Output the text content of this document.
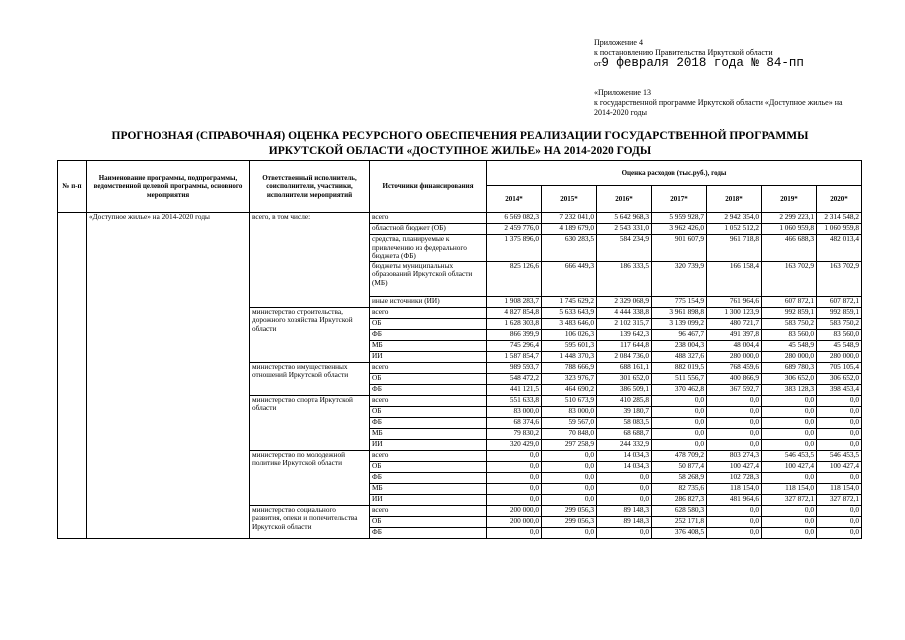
Приложение 4
к постановлению Правительства Иркутской области
от9 февраля 2018 года № 84-пп
«Приложение 13
к государственной программе Иркутской области «Доступное жилье» на 2014-2020 годы
ПРОГНОЗНАЯ (СПРАВОЧНАЯ) ОЦЕНКА РЕСУРСНОГО ОБЕСПЕЧЕНИЯ РЕАЛИЗАЦИИ ГОСУДАРСТВЕННОЙ ПРОГРАММЫ
ИРКУТСКОЙ ОБЛАСТИ «ДОСТУПНОЕ ЖИЛЬЕ» НА 2014-2020 ГОДЫ
№ п-п	Наименование программы, подпрограммы, ведомственной целевой программы, основного мероприятия	Ответственный исполнитель, соисполнители, участники, исполнители мероприятий	Источники финансирования	Оценка расходов (тыс.руб.), годы						
				2014*	2015*	2016*	2017*	2018*	2019*	2020*
	«Доступное жилье» на 2014-2020 годы	всего, в том числе:	всего	6 569 082,3	7 232 041,0	5 642 968,3	5 959 928,7	2 942 354,0	2 299 223,1	2 314 548,2
			областной бюджет (ОБ)	2 459 776,0	4 189 679,0	2 543 331,0	3 962 426,0	1 052 512,2	1 060 959,8	1 060 959,8
			средства, планируемые к привлечению из федерального бюджета (ФБ)	1 375 896,0	630 283,5	584 234,9	901 607,9	961 718,8	466 688,3	482 013,4
			бюджеты муниципальных образований Иркутской области (МБ)	825 126,6	666 449,3	186 333,5	320 739,9	166 158,4	163 702,9	163 702,9
			иные источники (ИИ)	1 908 283,7	1 745 629,2	2 329 068,9	775 154,9	761 964,6	607 872,1	607 872,1
		министерство строительства, дорожного хозяйства Иркутской области	всего	4 827 854,8	5 633 643,9	4 444 338,8	3 961 898,8	1 300 123,9	992 859,1	992 859,1
			ОБ	1 628 303,8	3 483 646,0	2 102 315,7	3 139 099,2	480 721,7	583 750,2	583 750,2
			ФБ	866 399,9	106 026,3	139 642,3	96 467,7	491 397,8	83 560,0	83 560,0
			МБ	745 296,4	595 601,3	117 644,8	238 004,3	48 004,4	45 548,9	45 548,9
			ИИ	1 587 854,7	1 448 370,3	2 084 736,0	488 327,6	280 000,0	280 000,0	280 000,0
		министерство имущественных отношений Иркутской области	всего	989 593,7	788 666,9	688 161,1	882 019,5	768 459,6	689 780,3	705 105,4
			ОБ	548 472,2	323 976,7	301 652,0	511 556,7	400 866,9	306 652,0	306 652,0
			ФБ	441 121,5	464 690,2	386 509,1	370 462,8	367 592,7	383 128,3	398 453,4
		министерство спорта Иркутской области	всего	551 633,8	510 673,9	410 285,8	0,0	0,0	0,0	0,0
			ОБ	83 000,0	83 000,0	39 180,7	0,0	0,0	0,0	0,0
			ФБ	68 374,6	59 567,0	58 083,5	0,0	0,0	0,0	0,0
			МБ	79 830,2	70 848,0	68 688,7	0,0	0,0	0,0	0,0
			ИИ	320 429,0	297 258,9	244 332,9	0,0	0,0	0,0	0,0
		министерство по молодежной политике Иркутской области	всего	0,0	0,0	14 034,3	478 709,2	803 274,3	546 453,5	546 453,5
			ОБ	0,0	0,0	14 034,3	50 877,4	100 427,4	100 427,4	100 427,4
			ФБ	0,0	0,0	0,0	58 268,9	102 728,3	0,0	0,0
			МБ	0,0	0,0	0,0	82 735,6	118 154,0	118 154,0	118 154,0
			ИИ	0,0	0,0	0,0	286 827,3	481 964,6	327 872,1	327 872,1
		министерство социального развития, опеки и попечительства Иркутской области	всего	200 000,0	299 056,3	89 148,3	628 580,3	0,0	0,0	0,0
			ОБ	200 000,0	299 056,3	89 148,3	252 171,8	0,0	0,0	0,0
			ФБ	0,0	0,0	0,0	376 408,5	0,0	0,0	0,0
